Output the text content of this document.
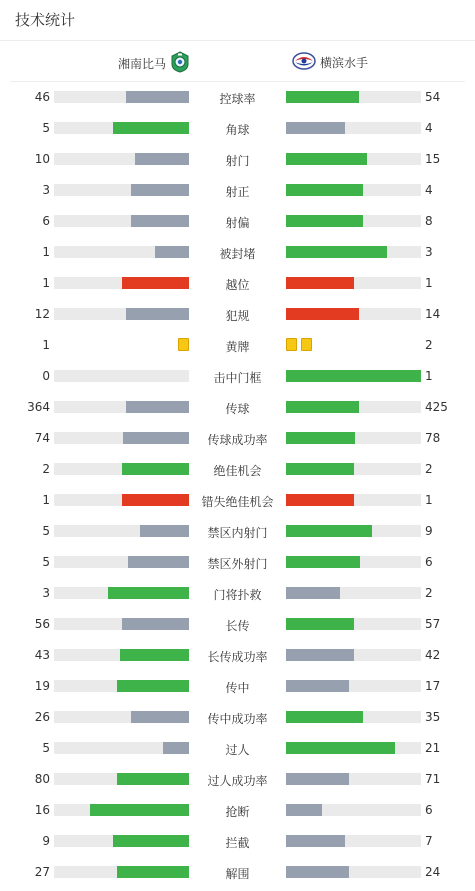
技术统计
湘南比马	横滨水手
46	控球率	54
5	角球	4
10	射门	15
3	射正	4
6	射偏	8
1	被封堵	3
1	越位	1
12	犯规	14
1	黄牌	2
0	击中门框	1
364	传球	425
74	传球成功率	78
2	绝佳机会	2
1	错失绝佳机会	1
5	禁区内射门	9
5	禁区外射门	6
3	门将扑救	2
56	长传	57
43	长传成功率	42
19	传中	17
26	传中成功率	35
5	过人	21
80	过人成功率	71
16	抢断	6
9	拦截	7
27	解围	24
